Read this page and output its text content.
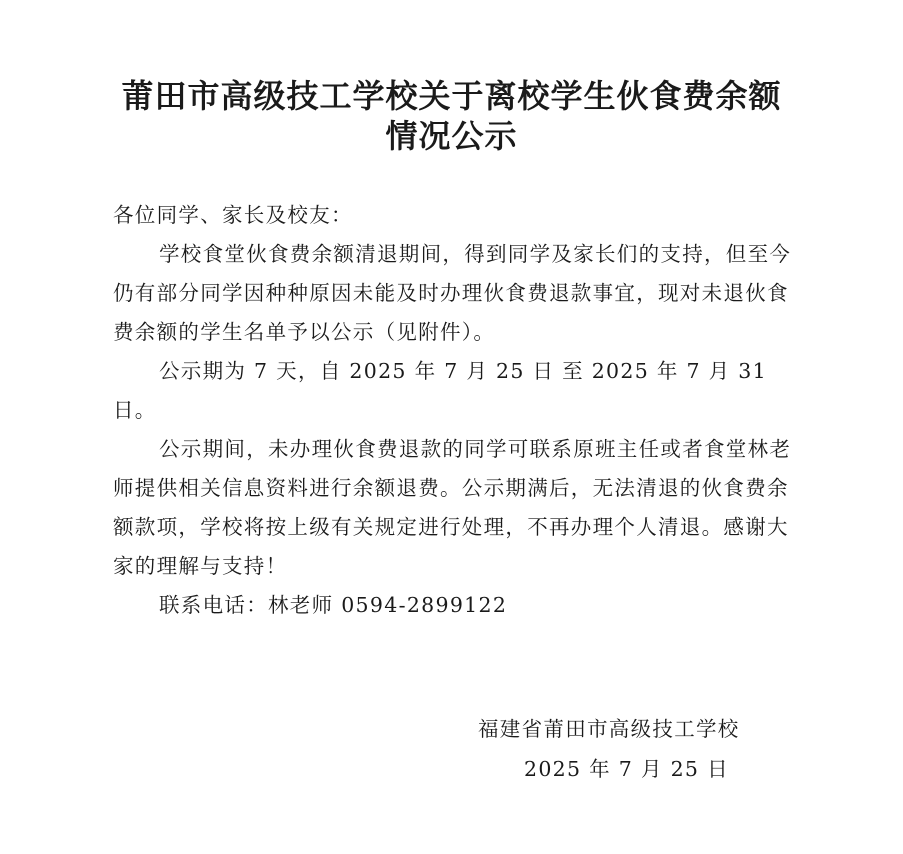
莆田市高级技工学校关于离校学生伙食费余额
情况公示

各位同学、家长及校友：

学校食堂伙食费余额清退期间，得到同学及家长们的支持，但至今仍有部分同学因种种原因未能及时办理伙食费退款事宜，现对未退伙食费余额的学生名单予以公示（见附件）。

公示期为 7 天，自 2025 年 7 月 25 日 至 2025 年 7 月 31 日。

公示期间，未办理伙食费退款的同学可联系原班主任或者食堂林老师提供相关信息资料进行余额退费。公示期满后，无法清退的伙食费余额款项，学校将按上级有关规定进行处理，不再办理个人清退。感谢大家的理解与支持！

联系电话：林老师 0594-2899122

福建省莆田市高级技工学校
2025 年 7 月 25 日
